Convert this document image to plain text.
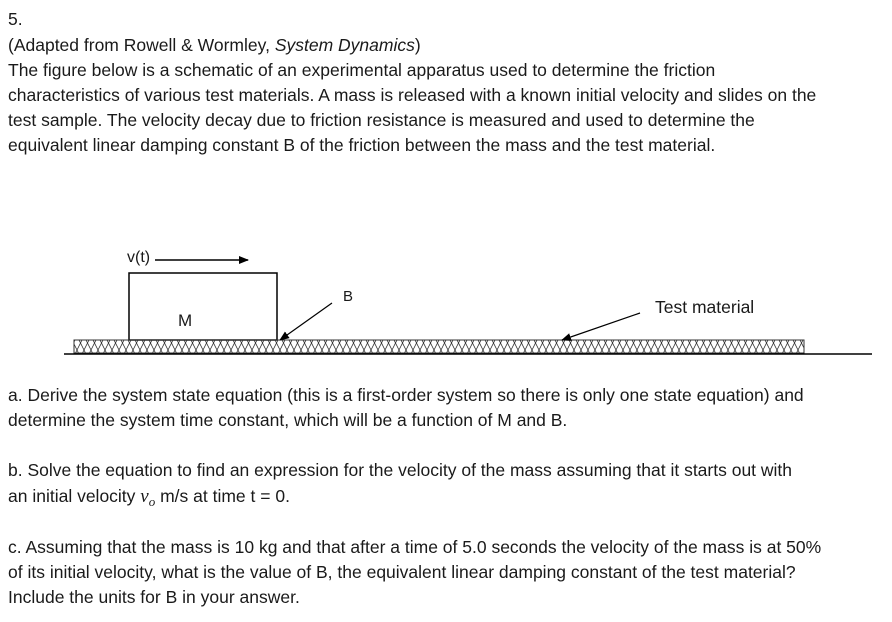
5.
(Adapted from Rowell & Wormley, System Dynamics)
The figure below is a schematic of an experimental apparatus used to determine the friction
characteristics of various test materials. A mass is released with a known initial velocity and slides on the
test sample. The velocity decay due to friction resistance is measured and used to determine the
equivalent linear damping constant B of the friction between the mass and the test material.
v(t)
M
B
Test material
a. Derive the system state equation (this is a first-order system so there is only one state equation) and
determine the system time constant, which will be a function of M and B.
b. Solve the equation to find an expression for the velocity of the mass assuming that it starts out with
an initial velocity $v_o$ m/s at time t = 0.
c. Assuming that the mass is 10 kg and that after a time of 5.0 seconds the velocity of the mass is at 50%
of its initial velocity, what is the value of B, the equivalent linear damping constant of the test material?
Include the units for B in your answer.
